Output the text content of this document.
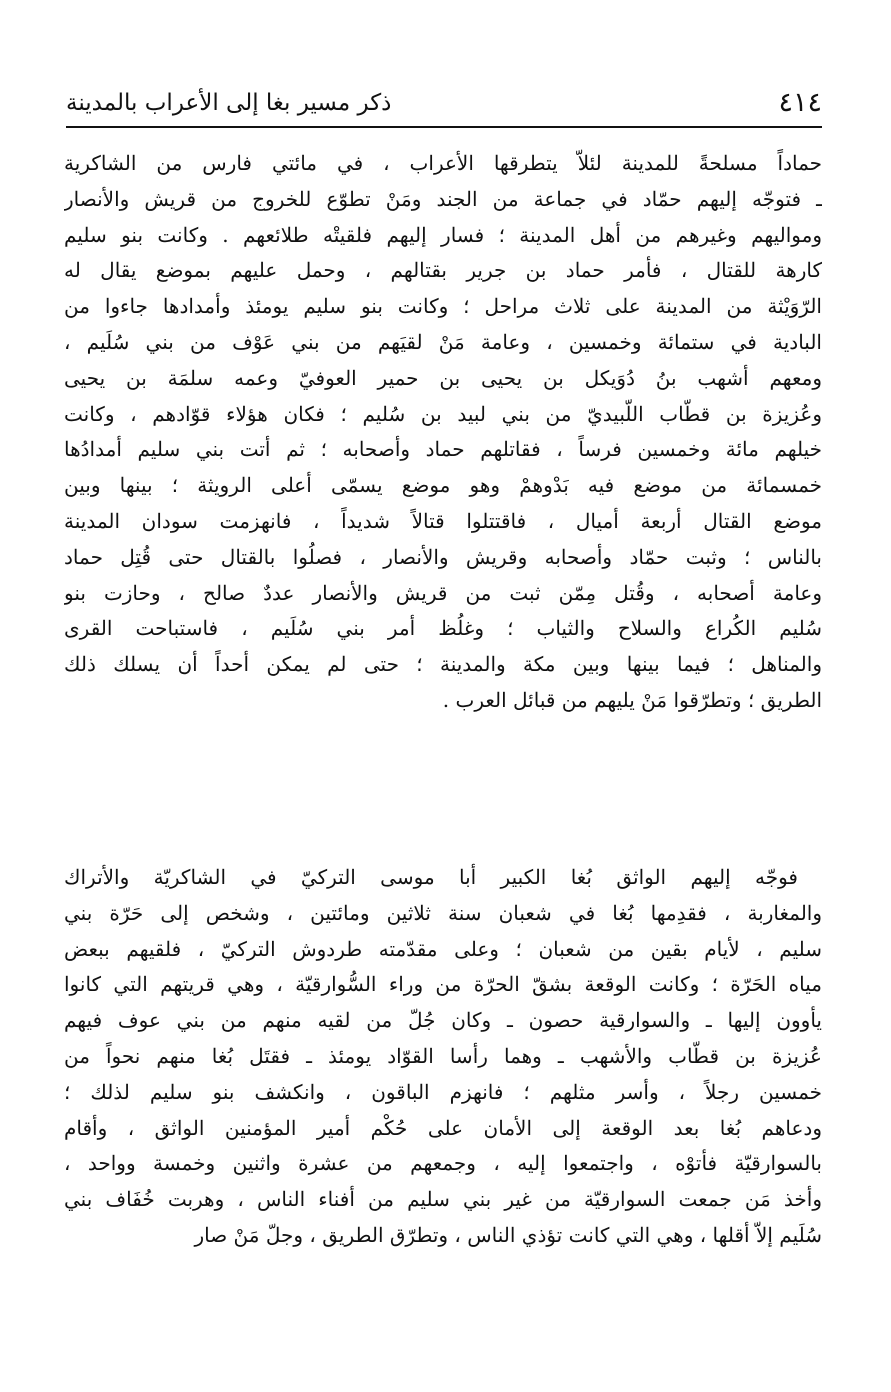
٤١٤
ذكر مسير بغا إلى الأعراب بالمدينة
حماداً مسلحةً للمدينة لئلاّ يتطرقها الأعراب ، في مائتي فارس من الشاكرية
ـ فتوجّه إليهم حمّاد في جماعة من الجند ومَنْ تطوّع للخروج من قريش والأنصار
ومواليهم وغيرهم من أهل المدينة ؛ فسار إليهم فلقيتْه طلائعهم . وكانت بنو سليم
كارهة للقتال ، فأمر حماد بن جرير بقتالهم ، وحمل عليهم بموضع يقال له
الرّوَيْثة من المدينة على ثلاث مراحل ؛ وكانت بنو سليم يومئذ وأمدادها جاءوا من
البادية في ستمائة وخمسين ، وعامة مَنْ لقيَهم من بني عَوْف من بني سُلَيم ،
ومعهم أشهب بنُ دُوَيكل بن يحيى بن حمير العوفيّ وعمه سلمَة بن يحيى
وعُزيزة بن قطّاب اللّبيديّ من بني لبيد بن سُليم ؛ فكان هؤلاء قوّادهم ، وكانت
خيلهم مائة وخمسين فرساً ، فقاتلهم حماد وأصحابه ؛ ثم أتت بني سليم أمدادُها
خمسمائة من موضع فيه بَدْوهمْ وهو موضع يسمّى أعلى الرويثة ؛ بينها وبين
موضع القتال أربعة أميال ، فاقتتلوا قتالاً شديداً ، فانهزمت سودان المدينة
بالناس ؛ وثبت حمّاد وأصحابه وقريش والأنصار ، فصلُوا بالقتال حتى قُتِل حماد
وعامة أصحابه ، وقُتل مِمّن ثبت من قريش والأنصار عددٌ صالح ، وحازت بنو
سُليم الكُراع والسلاح والثياب ؛ وغلُظ أمر بني سُلَيم ، فاستباحت القرى
والمناهل ؛ فيما بينها وبين مكة والمدينة ؛ حتى لم يمكن أحداً أن يسلك ذلك
الطريق ؛ وتطرّقوا مَنْ يليهم من قبائل العرب .
فوجّه إليهم الواثق بُغا الكبير أبا موسى التركيّ في الشاكريّة والأتراك
والمغاربة ، فقدِمها بُغا في شعبان سنة ثلاثين ومائتين ، وشخص إلى حَرّة بني
سليم ، لأيام بقين من شعبان ؛ وعلى مقدّمته طردوش التركيّ ، فلقيهم ببعض
مياه الحَرّة ؛ وكانت الوقعة بشقّ الحرّة من وراء السُّوارقيّة ، وهي قريتهم التي كانوا
يأوون إليها ـ والسوارقية حصون ـ وكان جُلّ من لقيه منهم من بني عوف فيهم
عُزيزة بن قطّاب والأشهب ـ وهما رأسا القوّاد يومئذ ـ فقتَل بُغا منهم نحواً من
خمسين رجلاً ، وأسر مثلهم ؛ فانهزم الباقون ، وانكشف بنو سليم لذلك ؛
ودعاهم بُغا بعد الوقعة إلى الأمان على حُكْم أمير المؤمنين الواثق ، وأقام
بالسوارقيّة فأتوْه ، واجتمعوا إليه ، وجمعهم من عشرة واثنين وخمسة وواحد ،
وأخذ مَن جمعت السوارقيّة من غير بني سليم من أفناء الناس ، وهربت خُفَاف بني
سُلَيم إلاّ أقلها ، وهي التي كانت تؤذي الناس ، وتطرّق الطريق ، وجلّ مَنْ صار
